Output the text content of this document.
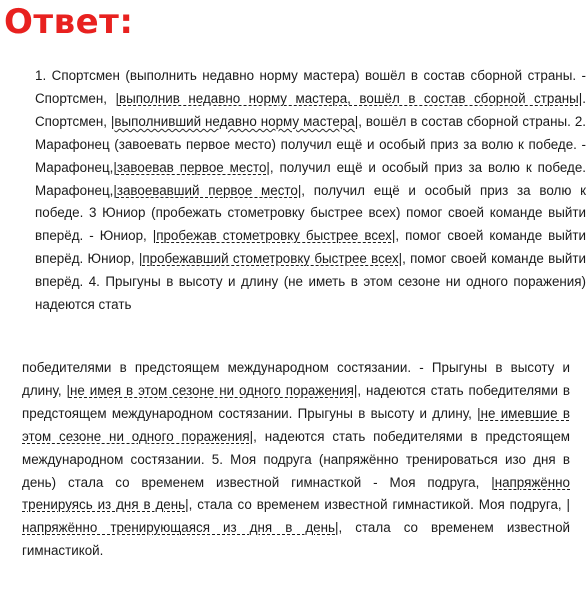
Ответ:
1. Спортсмен (выполнить недавно норму мастера) вошёл в состав сборной страны. - Спортсмен, |выполнив недавно норму мастера, вошёл в состав сборной страны|. Спортсмен, |выполнивший недавно норму мастера|, вошёл в состав сборной страны. 2. Марафонец (завоевать первое место) получил ещё и особый приз за волю к победе. - Марафонец,|завоевав первое место|, получил ещё и особый приз за волю к победе. Марафонец,|завоевавший первое место|, получил ещё и особый приз за волю к победе. 3 Юниор (пробежать стометровку быстрее всех) помог своей команде выйти вперёд. - Юниор, |пробежав стометровку быстрее всех|, помог своей команде выйти вперёд. Юниор, |пробежавший стометровку быстрее всех|, помог своей команде выйти вперёд. 4. Прыгуны в высоту и длину (не иметь в этом сезоне ни одного поражения) надеются стать
победителями в предстоящем международном состязании. - Прыгуны в высоту и длину, |не имея в этом сезоне ни одного поражения|, надеются стать победителями в предстоящем международном состязании. Прыгуны в высоту и длину, |не имевшие в этом сезоне ни одного поражения|, надеются стать победителями в предстоящем международном состязании. 5. Моя подруга (напряжённо тренироваться изо дня в день) стала со временем известной гимнасткой - Моя подруга, |напряжённо тренируясь из дня в день|, стала со временем известной гимнастикой. Моя подруга, |напряжённо тренирующаяся из дня в день|, стала со временем известной гимнастикой.
